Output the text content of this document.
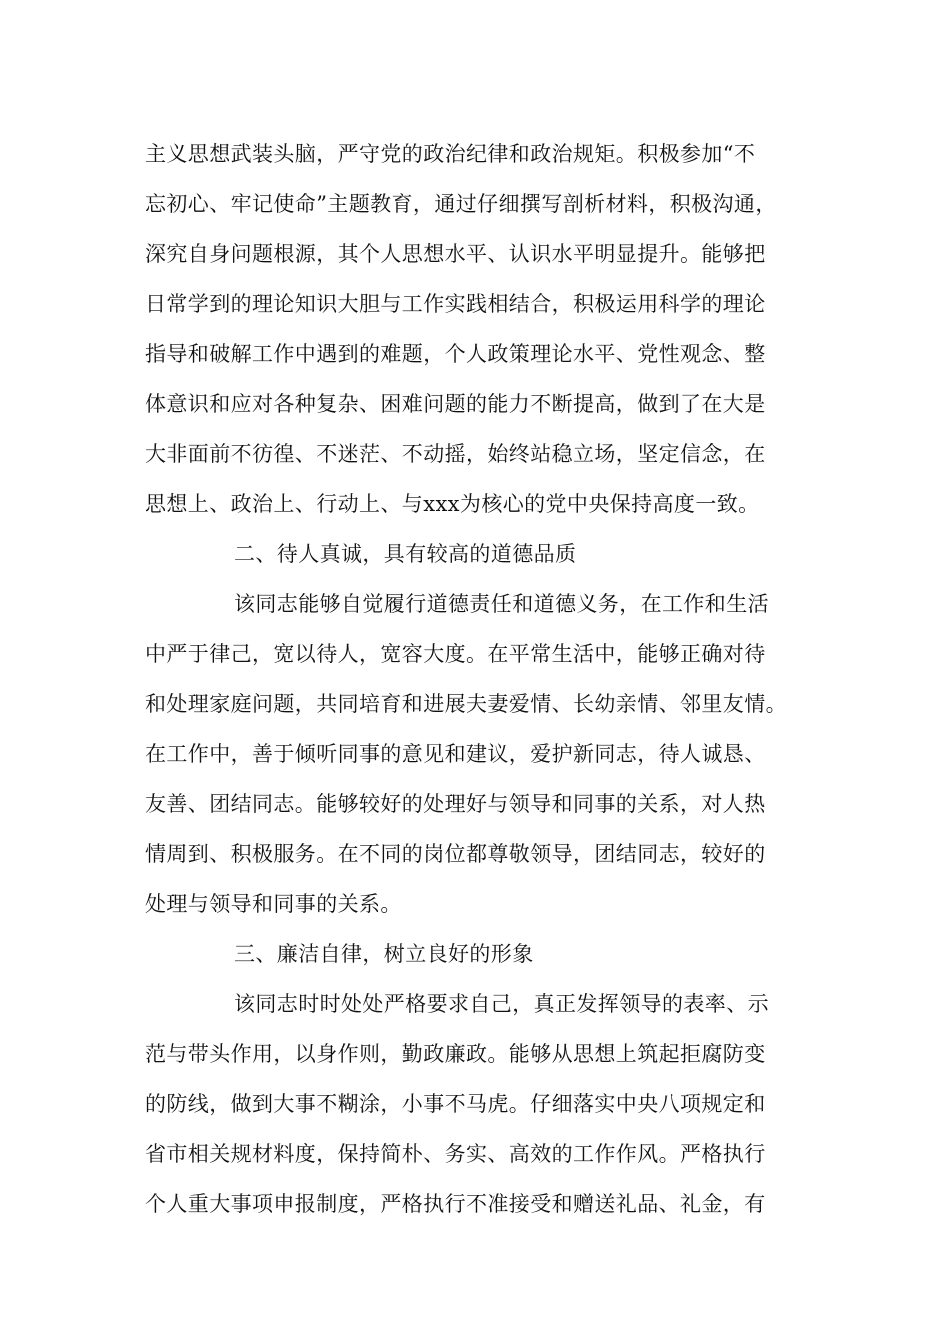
主义思想武装头脑，严守党的政治纪律和政治规矩。积极参加“不
忘初心、牢记使命”主题教育，通过仔细撰写剖析材料，积极沟通，
深究自身问题根源，其个人思想水平、认识水平明显提升。能够把
日常学到的理论知识大胆与工作实践相结合，积极运用科学的理论
指导和破解工作中遇到的难题，个人政策理论水平、党性观念、整
体意识和应对各种复杂、困难问题的能力不断提高，做到了在大是
大非面前不彷徨、不迷茫、不动摇，始终站稳立场，坚定信念，在
思想上、政治上、行动上、与xxx为核心的党中央保持高度一致。
二、待人真诚，具有较高的道德品质
该同志能够自觉履行道德责任和道德义务，在工作和生活
中严于律己，宽以待人，宽容大度。在平常生活中，能够正确对待
和处理家庭问题，共同培育和进展夫妻爱情、长幼亲情、邻里友情。
在工作中，善于倾听同事的意见和建议，爱护新同志，待人诚恳、
友善、团结同志。能够较好的处理好与领导和同事的关系，对人热
情周到、积极服务。在不同的岗位都尊敬领导，团结同志，较好的
处理与领导和同事的关系。
三、廉洁自律，树立良好的形象
该同志时时处处严格要求自己，真正发挥领导的表率、示
范与带头作用，以身作则，勤政廉政。能够从思想上筑起拒腐防变
的防线，做到大事不糊涂，小事不马虎。仔细落实中央八项规定和
省市相关规材料度，保持简朴、务实、高效的工作作风。严格执行
个人重大事项申报制度，严格执行不准接受和赠送礼品、礼金，有
